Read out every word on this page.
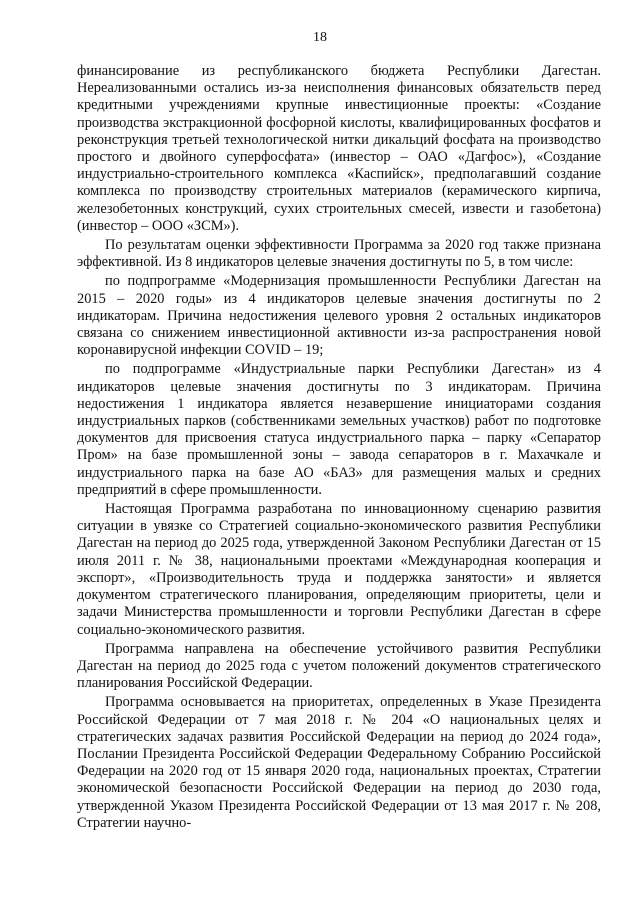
18

финансирование из республиканского бюджета Республики Дагестан. Нереализованными остались из-за неисполнения финансовых обязательств перед кредитными учреждениями крупные инвестиционные проекты: «Создание производства экстракционной фосфорной кислоты, квалифицированных фосфатов и реконструкция третьей технологической нитки дикальций фосфата на производство простого и двойного суперфосфата» (инвестор – ОАО «Дагфос»), «Создание индустриально-строительного комплекса «Каспийск», предполагавший создание комплекса по производству строительных материалов (керамического кирпича, железобетонных конструкций, сухих строительных смесей, извести и газобетона) (инвестор – ООО «ЗСМ»).

По результатам оценки эффективности Программа за 2020 год также признана эффективной. Из 8 индикаторов целевые значения достигнуты по 5, в том числе:

по подпрограмме «Модернизация промышленности Республики Дагестан на 2015 – 2020 годы» из 4 индикаторов целевые значения достигнуты по 2 индикаторам. Причина недостижения целевого уровня 2 остальных индикаторов связана со снижением инвестиционной активности из-за распространения новой коронавирусной инфекции COVID – 19;

по подпрограмме «Индустриальные парки Республики Дагестан» из 4 индикаторов целевые значения достигнуты по 3 индикаторам. Причина недостижения 1 индикатора является незавершение инициаторами создания индустриальных парков (собственниками земельных участков) работ по подготовке документов для присвоения статуса индустриального парка – парку «Сепаратор Пром» на базе промышленной зоны – завода сепараторов в г. Махачкале и индустриального парка на базе АО «БАЗ» для размещения малых и средних предприятий в сфере промышленности.

Настоящая Программа разработана по инновационному сценарию развития ситуации в увязке со Стратегией социально-экономического развития Республики Дагестан на период до 2025 года, утвержденной Законом Республики Дагестан от 15 июля 2011 г. № 38, национальными проектами «Международная кооперация и экспорт», «Производительность труда и поддержка занятости» и является документом стратегического планирования, определяющим приоритеты, цели и задачи Министерства промышленности и торговли Республики Дагестан в сфере социально-экономического развития.

Программа направлена на обеспечение устойчивого развития Республики Дагестан на период до 2025 года с учетом положений документов стратегического планирования Российской Федерации.

Программа основывается на приоритетах, определенных в Указе Президента Российской Федерации от 7 мая 2018 г. № 204 «О национальных целях и стратегических задачах развития Российской Федерации на период до 2024 года», Послании Президента Российской Федерации Федеральному Собранию Российской Федерации на 2020 год от 15 января 2020 года, национальных проектах, Стратегии экономической безопасности Российской Федерации на период до 2030 года, утвержденной Указом Президента Российской Федерации от 13 мая 2017 г. № 208, Стратегии научно-
